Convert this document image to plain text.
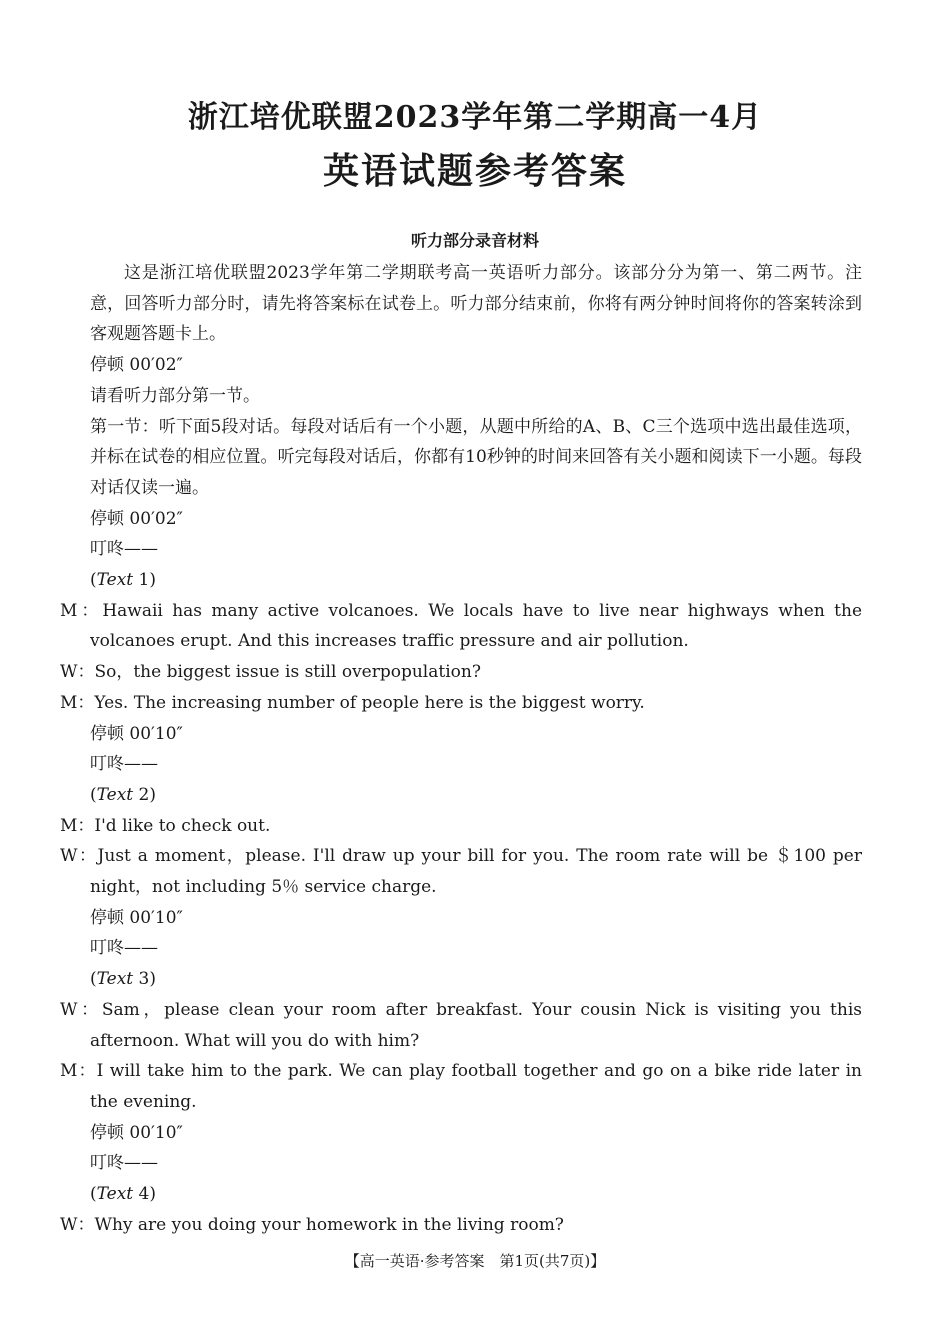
浙江培优联盟2023学年第二学期高一4月
英语试题参考答案
听力部分录音材料

这是浙江培优联盟2023学年第二学期联考高一英语听力部分。该部分分为第一、第二两节。注意，回答听力部分时，请先将答案标在试卷上。听力部分结束前，你将有两分钟时间将你的答案转涂到客观题答题卡上。

停顿 00′02″

请看听力部分第一节。

第一节：听下面5段对话。每段对话后有一个小题，从题中所给的A、B、C三个选项中选出最佳选项，并标在试卷的相应位置。听完每段对话后，你都有10秒钟的时间来回答有关小题和阅读下一小题。每段对话仅读一遍。

停顿 00′02″

叮咚——

(Text 1)

M：Hawaii has many active volcanoes. We locals have to live near highways when the volcanoes erupt. And this increases traffic pressure and air pollution.

W：So，the biggest issue is still overpopulation?

M：Yes. The increasing number of people here is the biggest worry.

停顿 00′10″

叮咚——

(Text 2)

M：I'd like to check out.

W：Just a moment，please. I'll draw up your bill for you. The room rate will be ＄100 per night，not including 5％ service charge.

停顿 00′10″

叮咚——

(Text 3)

W：Sam，please clean your room after breakfast. Your cousin Nick is visiting you this afternoon. What will you do with him?

M：I will take him to the park. We can play football together and go on a bike ride later in the evening.

停顿 00′10″

叮咚——

(Text 4)

W：Why are you doing your homework in the living room?

【高一英语·参考答案　第1页(共7页)】
